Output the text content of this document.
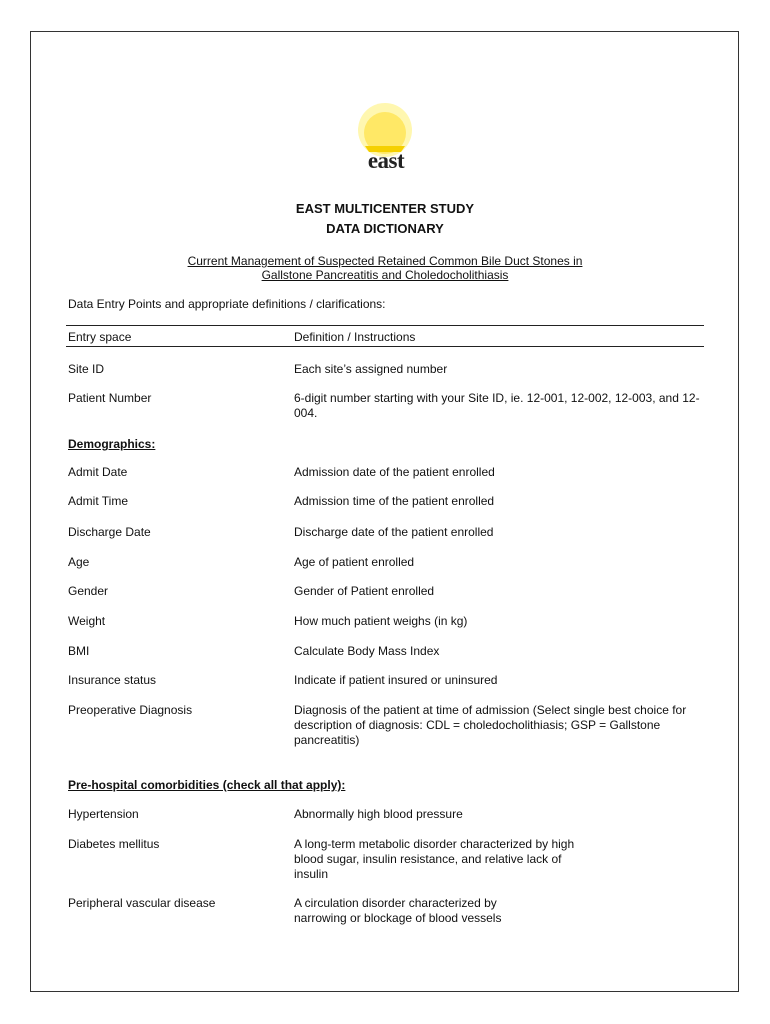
east
EAST MULTICENTER STUDY
DATA DICTIONARY
Current Management of Suspected Retained Common Bile Duct Stones in
Gallstone Pancreatitis and Choledocholithiasis
Data Entry Points and appropriate definitions / clarifications:
Entry space	Definition / Instructions
Site ID	Each site’s assigned number
Patient Number	6-digit number starting with your Site ID, ie. 12-001, 12-002, 12-003, and 12-004.
Demographics:
Admit Date	Admission date of the patient enrolled
Admit Time	Admission time of the patient enrolled
Discharge Date	Discharge date of the patient enrolled
Age	Age of patient enrolled
Gender	Gender of Patient enrolled
Weight	How much patient weighs (in kg)
BMI	Calculate Body Mass Index
Insurance status	Indicate if patient insured or uninsured
Preoperative Diagnosis	Diagnosis of the patient at time of admission (Select single best choice for description of diagnosis: CDL = choledocholithiasis; GSP = Gallstone pancreatitis)
Pre-hospital comorbidities (check all that apply):
Hypertension	Abnormally high blood pressure
Diabetes mellitus	A long-term metabolic disorder characterized by high blood sugar, insulin resistance, and relative lack of insulin
Peripheral vascular disease	A circulation disorder characterized by narrowing or blockage of blood vessels
